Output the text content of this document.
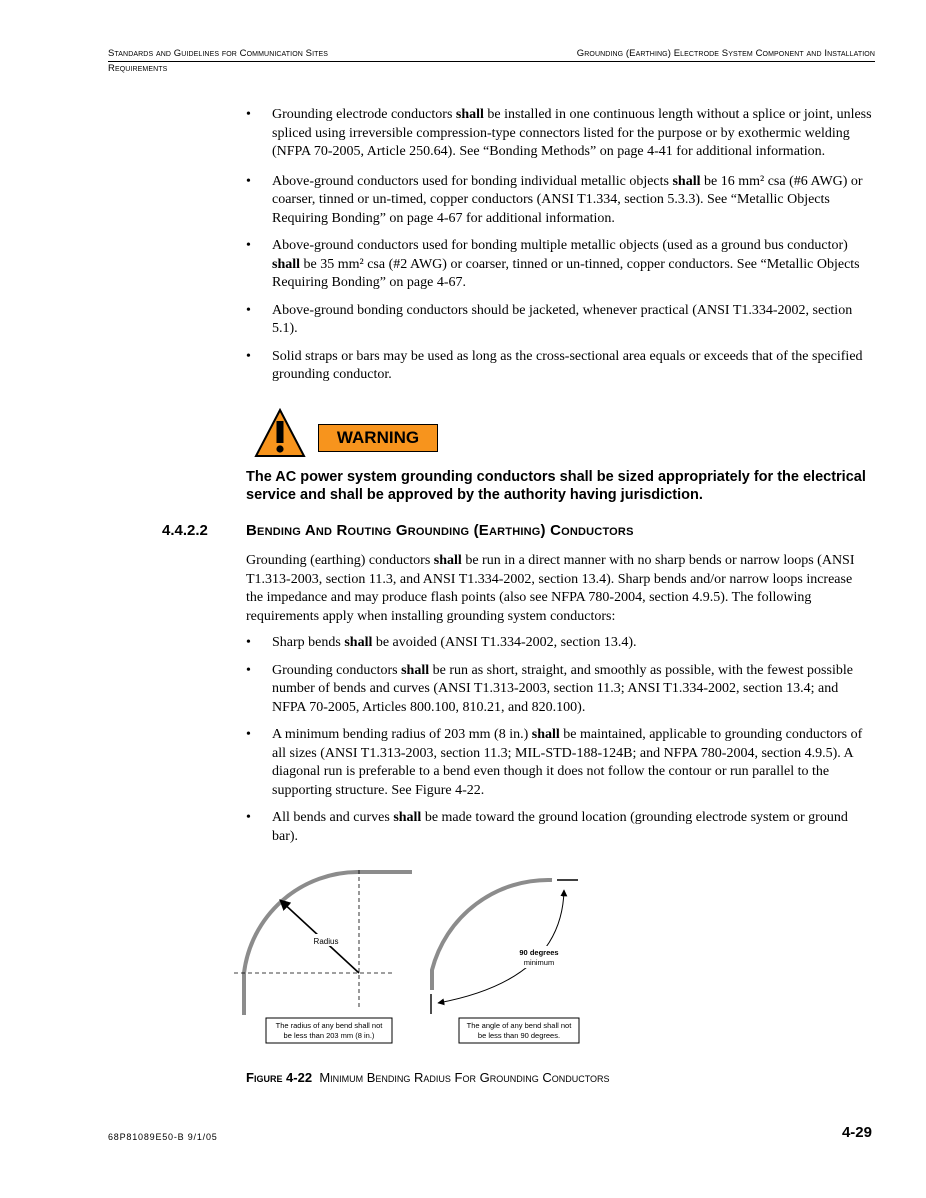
Standards and Guidelines for Communication Sites	Grounding (Earthing) Electrode System Component and Installation
Requirements
• Grounding electrode conductors shall be installed in one continuous length without a splice or joint, unless spliced using irreversible compression-type connectors listed for the purpose or by exothermic welding (NFPA 70-2005, Article 250.64). See “Bonding Methods” on page 4-41 for additional information.
• Above-ground conductors used for bonding individual metallic objects shall be 16 mm² csa (#6 AWG) or coarser, tinned or un-timed, copper conductors (ANSI T1.334, section 5.3.3). See “Metallic Objects Requiring Bonding” on page 4-67 for additional information.
• Above-ground conductors used for bonding multiple metallic objects (used as a ground bus conductor) shall be 35 mm² csa (#2 AWG) or coarser, tinned or un-tinned, copper conductors. See “Metallic Objects Requiring Bonding” on page 4-67.
• Above-ground bonding conductors should be jacketed, whenever practical (ANSI T1.334-2002, section 5.1).
• Solid straps or bars may be used as long as the cross-sectional area equals or exceeds that of the specified grounding conductor.
WARNING
The AC power system grounding conductors shall be sized appropriately for the electrical service and shall be approved by the authority having jurisdiction.
4.4.2.2	Bending And Routing Grounding (Earthing) Conductors

Grounding (earthing) conductors shall be run in a direct manner with no sharp bends or narrow loops (ANSI T1.313-2003, section 11.3, and ANSI T1.334-2002, section 13.4). Sharp bends and/or narrow loops increase the impedance and may produce flash points (also see NFPA 780-2004, section 4.9.5). The following requirements apply when installing grounding system conductors:

• Sharp bends shall be avoided (ANSI T1.334-2002, section 13.4).
• Grounding conductors shall be run as short, straight, and smoothly as possible, with the fewest possible number of bends and curves (ANSI T1.313-2003, section 11.3; ANSI T1.334-2002, section 13.4; and NFPA 70-2005, Articles 800.100, 810.21, and 820.100).
• A minimum bending radius of 203 mm (8 in.) shall be maintained, applicable to grounding conductors of all sizes (ANSI T1.313-2003, section 11.3; MIL-STD-188-124B; and NFPA 780-2004, section 4.9.5). A diagonal run is preferable to a bend even though it does not follow the contour or run parallel to the supporting structure. See Figure 4-22.
• All bends and curves shall be made toward the ground location (grounding electrode system or ground bar).
Radius
The radius of any bend shall not
be less than 203 mm (8 in.)
90 degrees
minimum
The angle of any bend shall not
be less than 90 degrees.
Figure 4-22 Minimum Bending Radius For Grounding Conductors
68P81089E50-B 9/1/05	4-29
